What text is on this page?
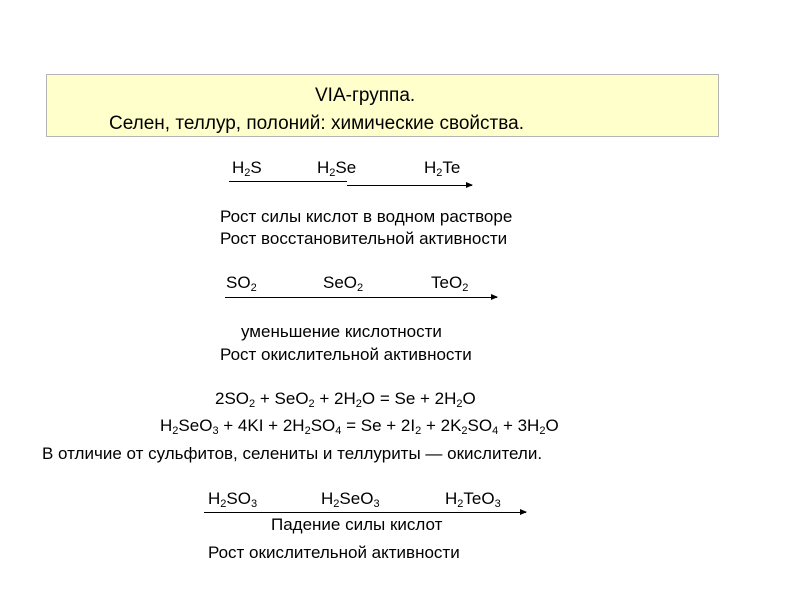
VIA-группа.
Селен, теллур, полоний: химические свойства.
$H_2S$	$H_2Se$	$H_2Te$
Рост силы кислот в водном растворе
Рост восстановительной активности
$SO_2$	SeO$_2$	TeO$_2$
уменьшение кислотности
Рост окислительной активности
$2SO_2 + SeO_2 + 2H_2O = Se + 2H_2O$
$H_2SeO_3 + 4KI + 2H_2SO_4 = Se + 2I_2 + 2K_2SO_4 + 3H_2O$
В отличие от сульфитов, селениты и теллуриты — окислители.
$H_2SO_3$	$H_2SeO_3$	$H_2TeO_3$
Падение силы кислот
Рост окислительной активности
